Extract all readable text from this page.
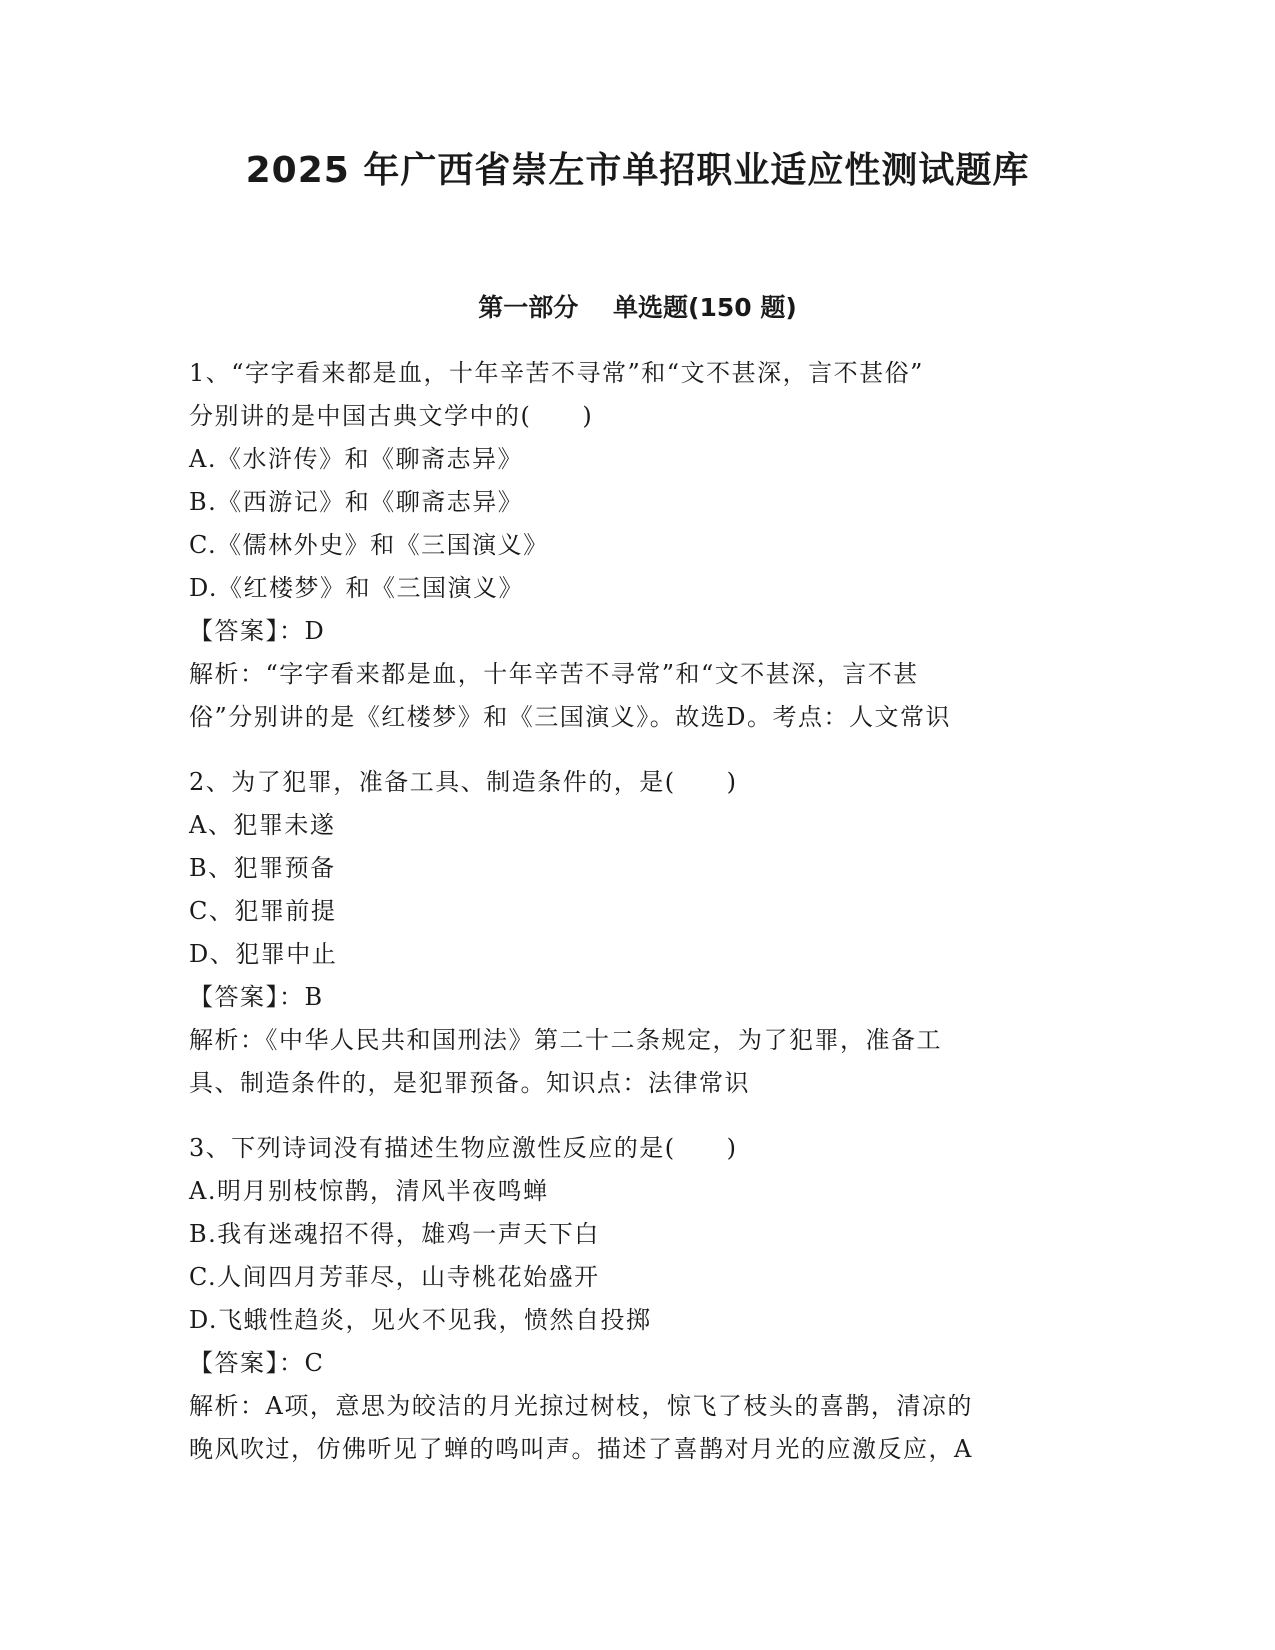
2025 年广西省崇左市单招职业适应性测试题库
第一部分    单选题(150 题)
1、“字字看来都是血，十年辛苦不寻常”和“文不甚深，言不甚俗”
分别讲的是中国古典文学中的(　　)
A.《水浒传》和《聊斋志异》
B.《西游记》和《聊斋志异》
C.《儒林外史》和《三国演义》
D.《红楼梦》和《三国演义》
【答案】：D
解析：“字字看来都是血，十年辛苦不寻常”和“文不甚深，言不甚
俗”分别讲的是《红楼梦》和《三国演义》。故选D。考点：人文常识
2、为了犯罪，准备工具、制造条件的，是(　　)
A、犯罪未遂
B、犯罪预备
C、犯罪前提
D、犯罪中止
【答案】：B
解析：《中华人民共和国刑法》第二十二条规定，为了犯罪，准备工
具、制造条件的，是犯罪预备。知识点：法律常识
3、下列诗词没有描述生物应激性反应的是(　　)
A.明月别枝惊鹊，清风半夜鸣蝉
B.我有迷魂招不得，雄鸡一声天下白
C.人间四月芳菲尽，山寺桃花始盛开
D.飞蛾性趋炎，见火不见我，愤然自投掷
【答案】：C
解析：A项，意思为皎洁的月光掠过树枝，惊飞了枝头的喜鹊，清凉的
晚风吹过，仿佛听见了蝉的鸣叫声。描述了喜鹊对月光的应激反应，A
